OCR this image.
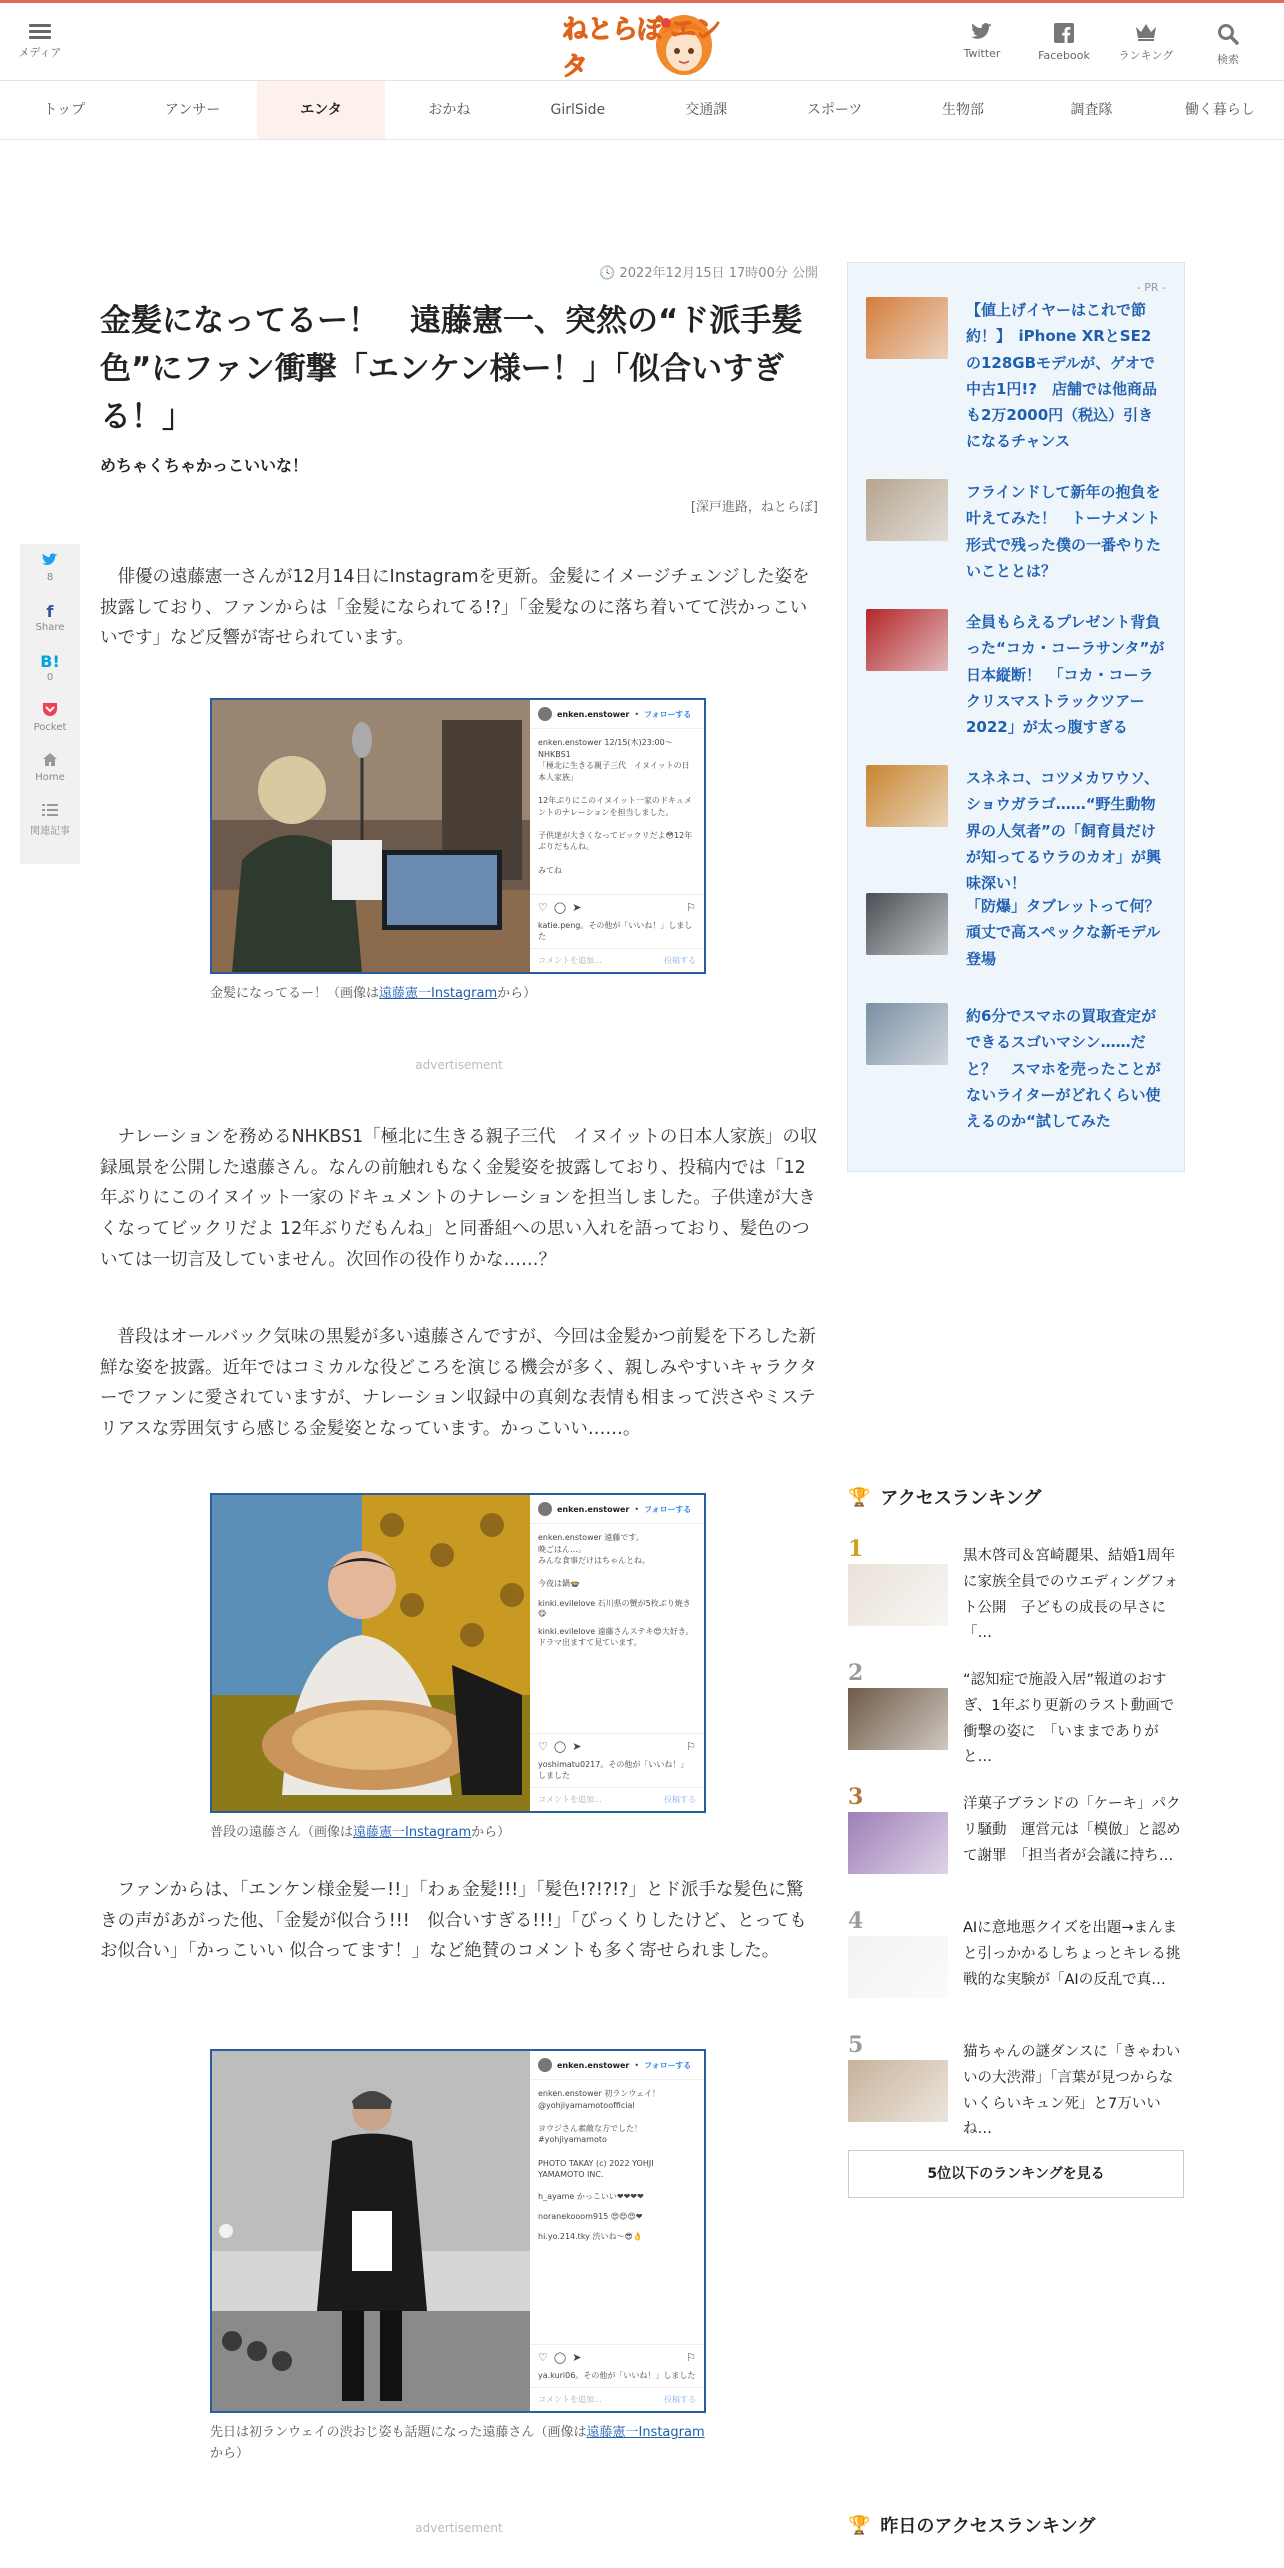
メディア
ねとらぼ エンタ	Twitter	Facebook	ランキング	検索
トップ	アンサー	エンタ	おかね	GirlSide	交通課	スポーツ	生物部	調査隊	働く暮らし
8
f
Share
B!
0
Pocket
Home
関連記事
🕓 2022年12月15日 17時00分 公開
金髪になってるー！　遠藤憲一、突然の“ド派手髪色”にファン衝撃「エンケン様ー！」「似合いすぎる！」
めちゃくちゃかっこいいな！
[深戸進路，ねとらぼ]

俳優の遠藤憲一さんが12月14日にInstagramを更新。金髪にイメージチェンジした姿を披露しており、ファンからは「金髪になられてる!?」「金髪なのに落ち着いてて渋かっこいいです」など反響が寄せられています。

enken.enstower • フォローする
enken.enstower 12/15(木)23:00〜
NHKBS1
「極北に生きる親子三代　イヌイットの日本人家族」

12年ぶりにこのイヌイット一家のドキュメントのナレーションを担当しました。

子供達が大きくなってビックリだよ😳12年ぶりだもんね。

みてね
♡ ◯ ➤	⚐
katie.peng。その他が「いいね！」しました
コメントを追加...	投稿する
金髪になってるー！（画像は遠藤憲一Instagramから）
advertisement

ナレーションを務めるNHKBS1「極北に生きる親子三代　イヌイットの日本人家族」の収録風景を公開した遠藤さん。なんの前触れもなく金髪姿を披露しており、投稿内では「12年ぶりにこのイヌイット一家のドキュメントのナレーションを担当しました。子供達が大きくなってビックリだよ 12年ぶりだもんね」と同番組への思い入れを語っており、髪色のついては一切言及していません。次回作の役作りかな……？

普段はオールバック気味の黒髪が多い遠藤さんですが、今回は金髪かつ前髪を下ろした新鮮な姿を披露。近年ではコミカルな役どころを演じる機会が多く、親しみやすいキャラクターでファンに愛されていますが、ナレーション収録中の真剣な表情も相まって渋さやミステリアスな雰囲気すら感じる金髪姿となっています。かっこいい……。

enken.enstower • フォローする
enken.enstower 遠藤です。
晩ごはん…。
みんな食事だけはちゃんとね。

今夜は鍋🍲
kinki.evilelove 石川県の蟹が5枚ぶり焼き😋
kinki.evilelove 遠藤さんステキ😍大好き。ドラマ出ますて見ています。
♡ ◯ ➤	⚐
yoshimatu0217。その他が「いいね！」しました
コメントを追加...	投稿する
普段の遠藤さん（画像は遠藤憲一Instagramから）

ファンからは、「エンケン様金髪ー!!」「わぁ金髪!!!」「髪色!?!?!?」とド派手な髪色に驚きの声があがった他、「金髪が似合う!!!　似合いすぎる!!!」「びっくりしたけど、とってもお似合い」「かっこいい 似合ってます！」など絶賛のコメントも多く寄せられました。

enken.enstower • フォローする
enken.enstower 初ランウェイ！@yohjiyamamotoofficial

ヨウジさん素敵な方でした！
#yohjiyamamoto

PHOTO TAKAY (c) 2022 YOHJI YAMAMOTO INC.
h_ayame かっこいい❤❤❤❤
noranekooom915 😍😍😍❤
hi.yo.214.tky 渋いね〜😎👌
♡ ◯ ➤	⚐
ya.kuri06。その他が「いいね！」しました
コメントを追加...	投稿する
先日は初ランウェイの渋おじ姿も話題になった遠藤さん（画像は遠藤憲一Instagramから）
advertisement
- PR -
【値上げイヤーはこれで節約！】　iPhone XRとSE2の128GBモデルが、ゲオで中古1円!?　店舗では他商品も2万2000円（税込）引きになるチャンス
フラインドして新年の抱負を叶えてみた！　トーナメント形式で残った僕の一番やりたいこととは？
全員もらえるプレゼント背負った“コカ・コーラサンタ”が日本縦断！　「コカ・コーラ　クリスマストラックツアー2022」が太っ腹すぎる
スネネコ、コツメカワウソ、ショウガラゴ……“野生動物界の人気者”の「飼育員だけが知ってるウラのカオ」が興味深い！
「防爆」タブレットって何？頑丈で高スペックな新モデル登場
約6分でスマホの買取査定ができるスゴいマシン……だと？　スマホを売ったことがないライターがどれくらい使えるのか“試してみた
🏆 アクセスランキング
1	黒木啓司＆宮崎麗果、結婚1周年に家族全員でのウエディングフォト公開　子どもの成長の早さに「…
2	“認知症で施設入居”報道のおすぎ、1年ぶり更新のラスト動画で衝撃の姿に　「いままでありがと…
3	洋菓子ブランドの「ケーキ」パクリ騒動　運営元は「模倣」と認めて謝罪　「担当者が会議に持ち…
4	AIに意地悪クイズを出題→まんまと引っかかるしちょっとキレる挑戦的な実験が「AIの反乱で真…
5	猫ちゃんの謎ダンスに「きゃわいいの大渋滞」「言葉が見つからないくらいキュン死」と7万いいね…
5位以下のランキングを見る
🏆 昨日のアクセスランキング
